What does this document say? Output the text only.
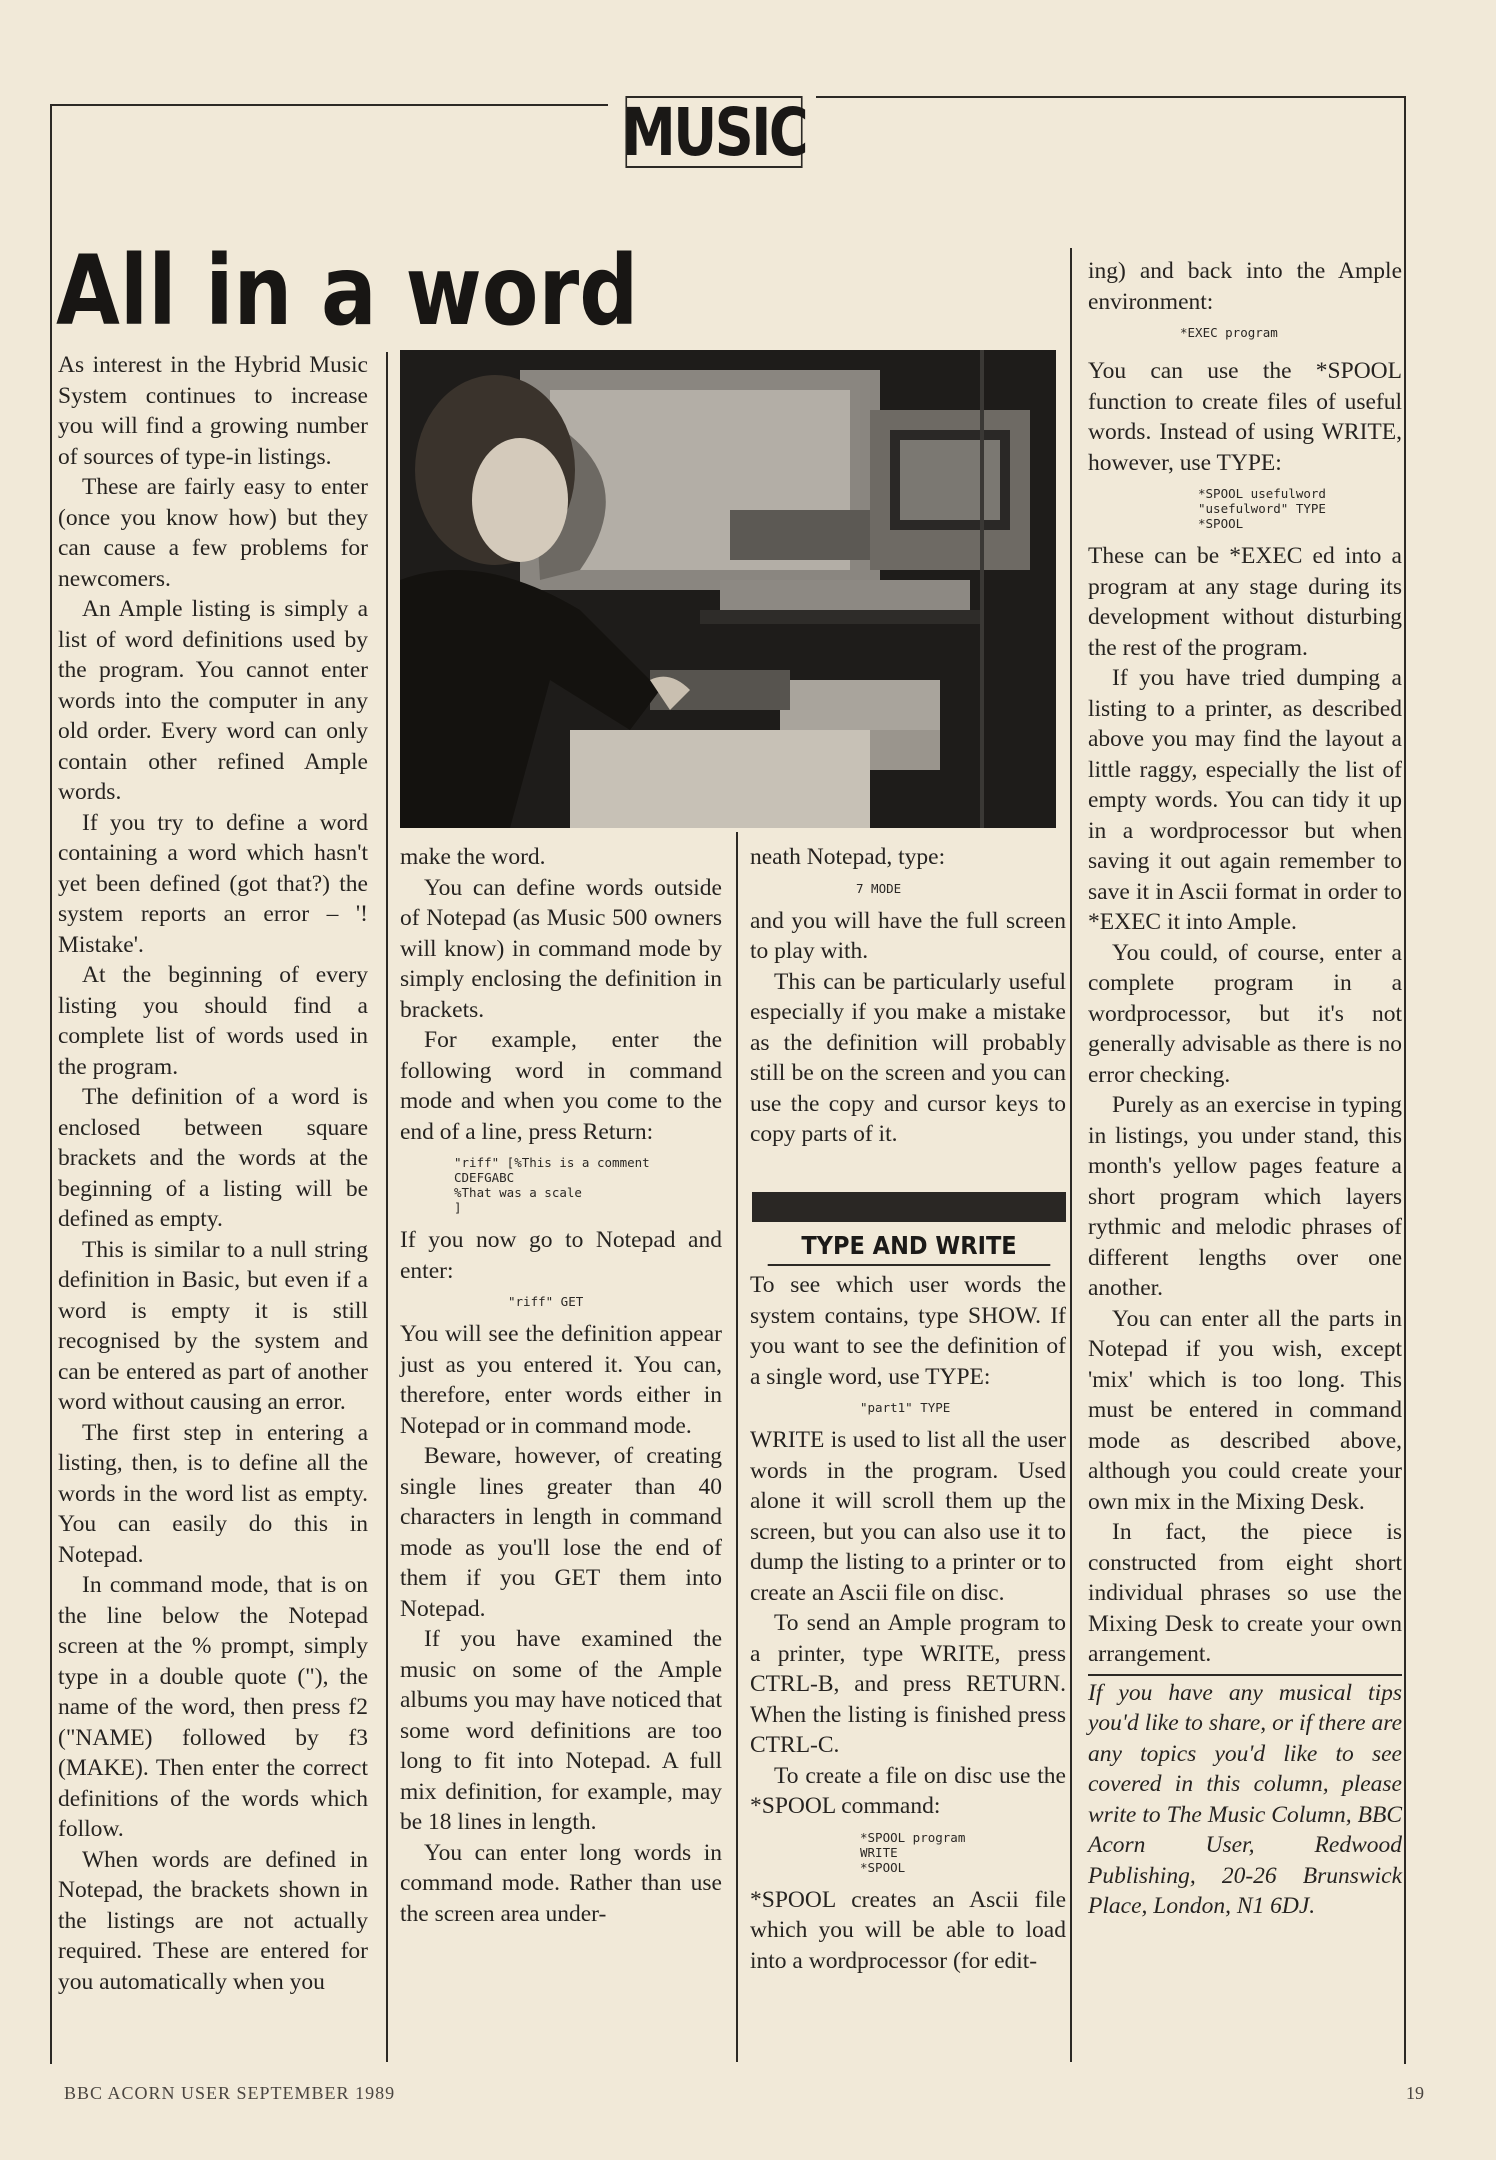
MUSIC
All in a word

As interest in the Hybrid Music System continues to increase you will find a growing number of sources of type-in listings.

These are fairly easy to enter (once you know how) but they can cause a few problems for newcomers.

An Ample listing is simply a list of word definitions used by the program. You cannot enter words into the computer in any old order. Every word can only contain other refined Ample words.

If you try to define a word containing a word which hasn't yet been defined (got that?) the system reports an error – '! Mistake'.

At the beginning of every listing you should find a complete list of words used in the program.

The definition of a word is enclosed between square brackets and the words at the beginning of a listing will be defined as empty.

This is similar to a null string definition in Basic, but even if a word is empty it is still recognised by the system and can be entered as part of another word without causing an error.

The first step in entering a listing, then, is to define all the words in the word list as empty. You can easily do this in Notepad.

In command mode, that is on the line below the Notepad screen at the % prompt, simply type in a double quote ("), the name of the word, then press f2 ("NAME) followed by f3 (MAKE). Then enter the correct definitions of the words which follow.

When words are defined in Notepad, the brackets shown in the listings are not actually required. These are entered for you automatically when you

make the word.

You can define words outside of Notepad (as Music 500 owners will know) in command mode by simply enclosing the definition in brackets.

For example, enter the following word in command mode and when you come to the end of a line, press Return:

"riff" [%This is a comment
CDEFGABC
%That was a scale
]

If you now go to Notepad and enter:

"riff" GET

You will see the definition appear just as you entered it. You can, therefore, enter words either in Notepad or in command mode.

Beware, however, of creating single lines greater than 40 characters in length in command mode as you'll lose the end of them if you GET them into Notepad.

If you have examined the music on some of the Ample albums you may have noticed that some word definitions are too long to fit into Notepad. A full mix definition, for example, may be 18 lines in length.

You can enter long words in command mode. Rather than use the screen area under-

neath Notepad, type:

7 MODE

and you will have the full screen to play with.

This can be particularly useful especially if you make a mistake as the definition will probably still be on the screen and you can use the copy and cursor keys to copy parts of it.

TYPE AND WRITE

To see which user words the system contains, type SHOW. If you want to see the definition of a single word, use TYPE:

"part1" TYPE

WRITE is used to list all the user words in the program. Used alone it will scroll them up the screen, but you can also use it to dump the listing to a printer or to create an Ascii file on disc.

To send an Ample program to a printer, type WRITE, press CTRL-B, and press RETURN. When the listing is finished press CTRL-C.

To create a file on disc use the *SPOOL command:

*SPOOL program
WRITE
*SPOOL

*SPOOL creates an Ascii file which you will be able to load into a wordprocessor (for edit-

ing) and back into the Ample environment:

*EXEC program

You can use the *SPOOL function to create files of useful words. Instead of using WRITE, however, use TYPE:

*SPOOL usefulword
"usefulword" TYPE
*SPOOL

These can be *EXEC ed into a program at any stage during its development without disturbing the rest of the program.

If you have tried dumping a listing to a printer, as described above you may find the layout a little raggy, especially the list of empty words. You can tidy it up in a wordprocessor but when saving it out again remember to save it in Ascii format in order to *EXEC it into Ample.

You could, of course, enter a complete program in a wordprocessor, but it's not generally advisable as there is no error checking.

Purely as an exercise in typing in listings, you under stand, this month's yellow pages feature a short program which layers rythmic and melodic phrases of different lengths over one another.

You can enter all the parts in Notepad if you wish, except 'mix' which is too long. This must be entered in command mode as described above, although you could create your own mix in the Mixing Desk.

In fact, the piece is constructed from eight short individual phrases so use the Mixing Desk to create your own arrangement.

If you have any musical tips you'd like to share, or if there are any topics you'd like to see covered in this column, please write to The Music Column, BBC Acorn User, Redwood Publishing, 20-26 Brunswick Place, London, N1 6DJ.

BBC ACORN USER SEPTEMBER 1989	19
